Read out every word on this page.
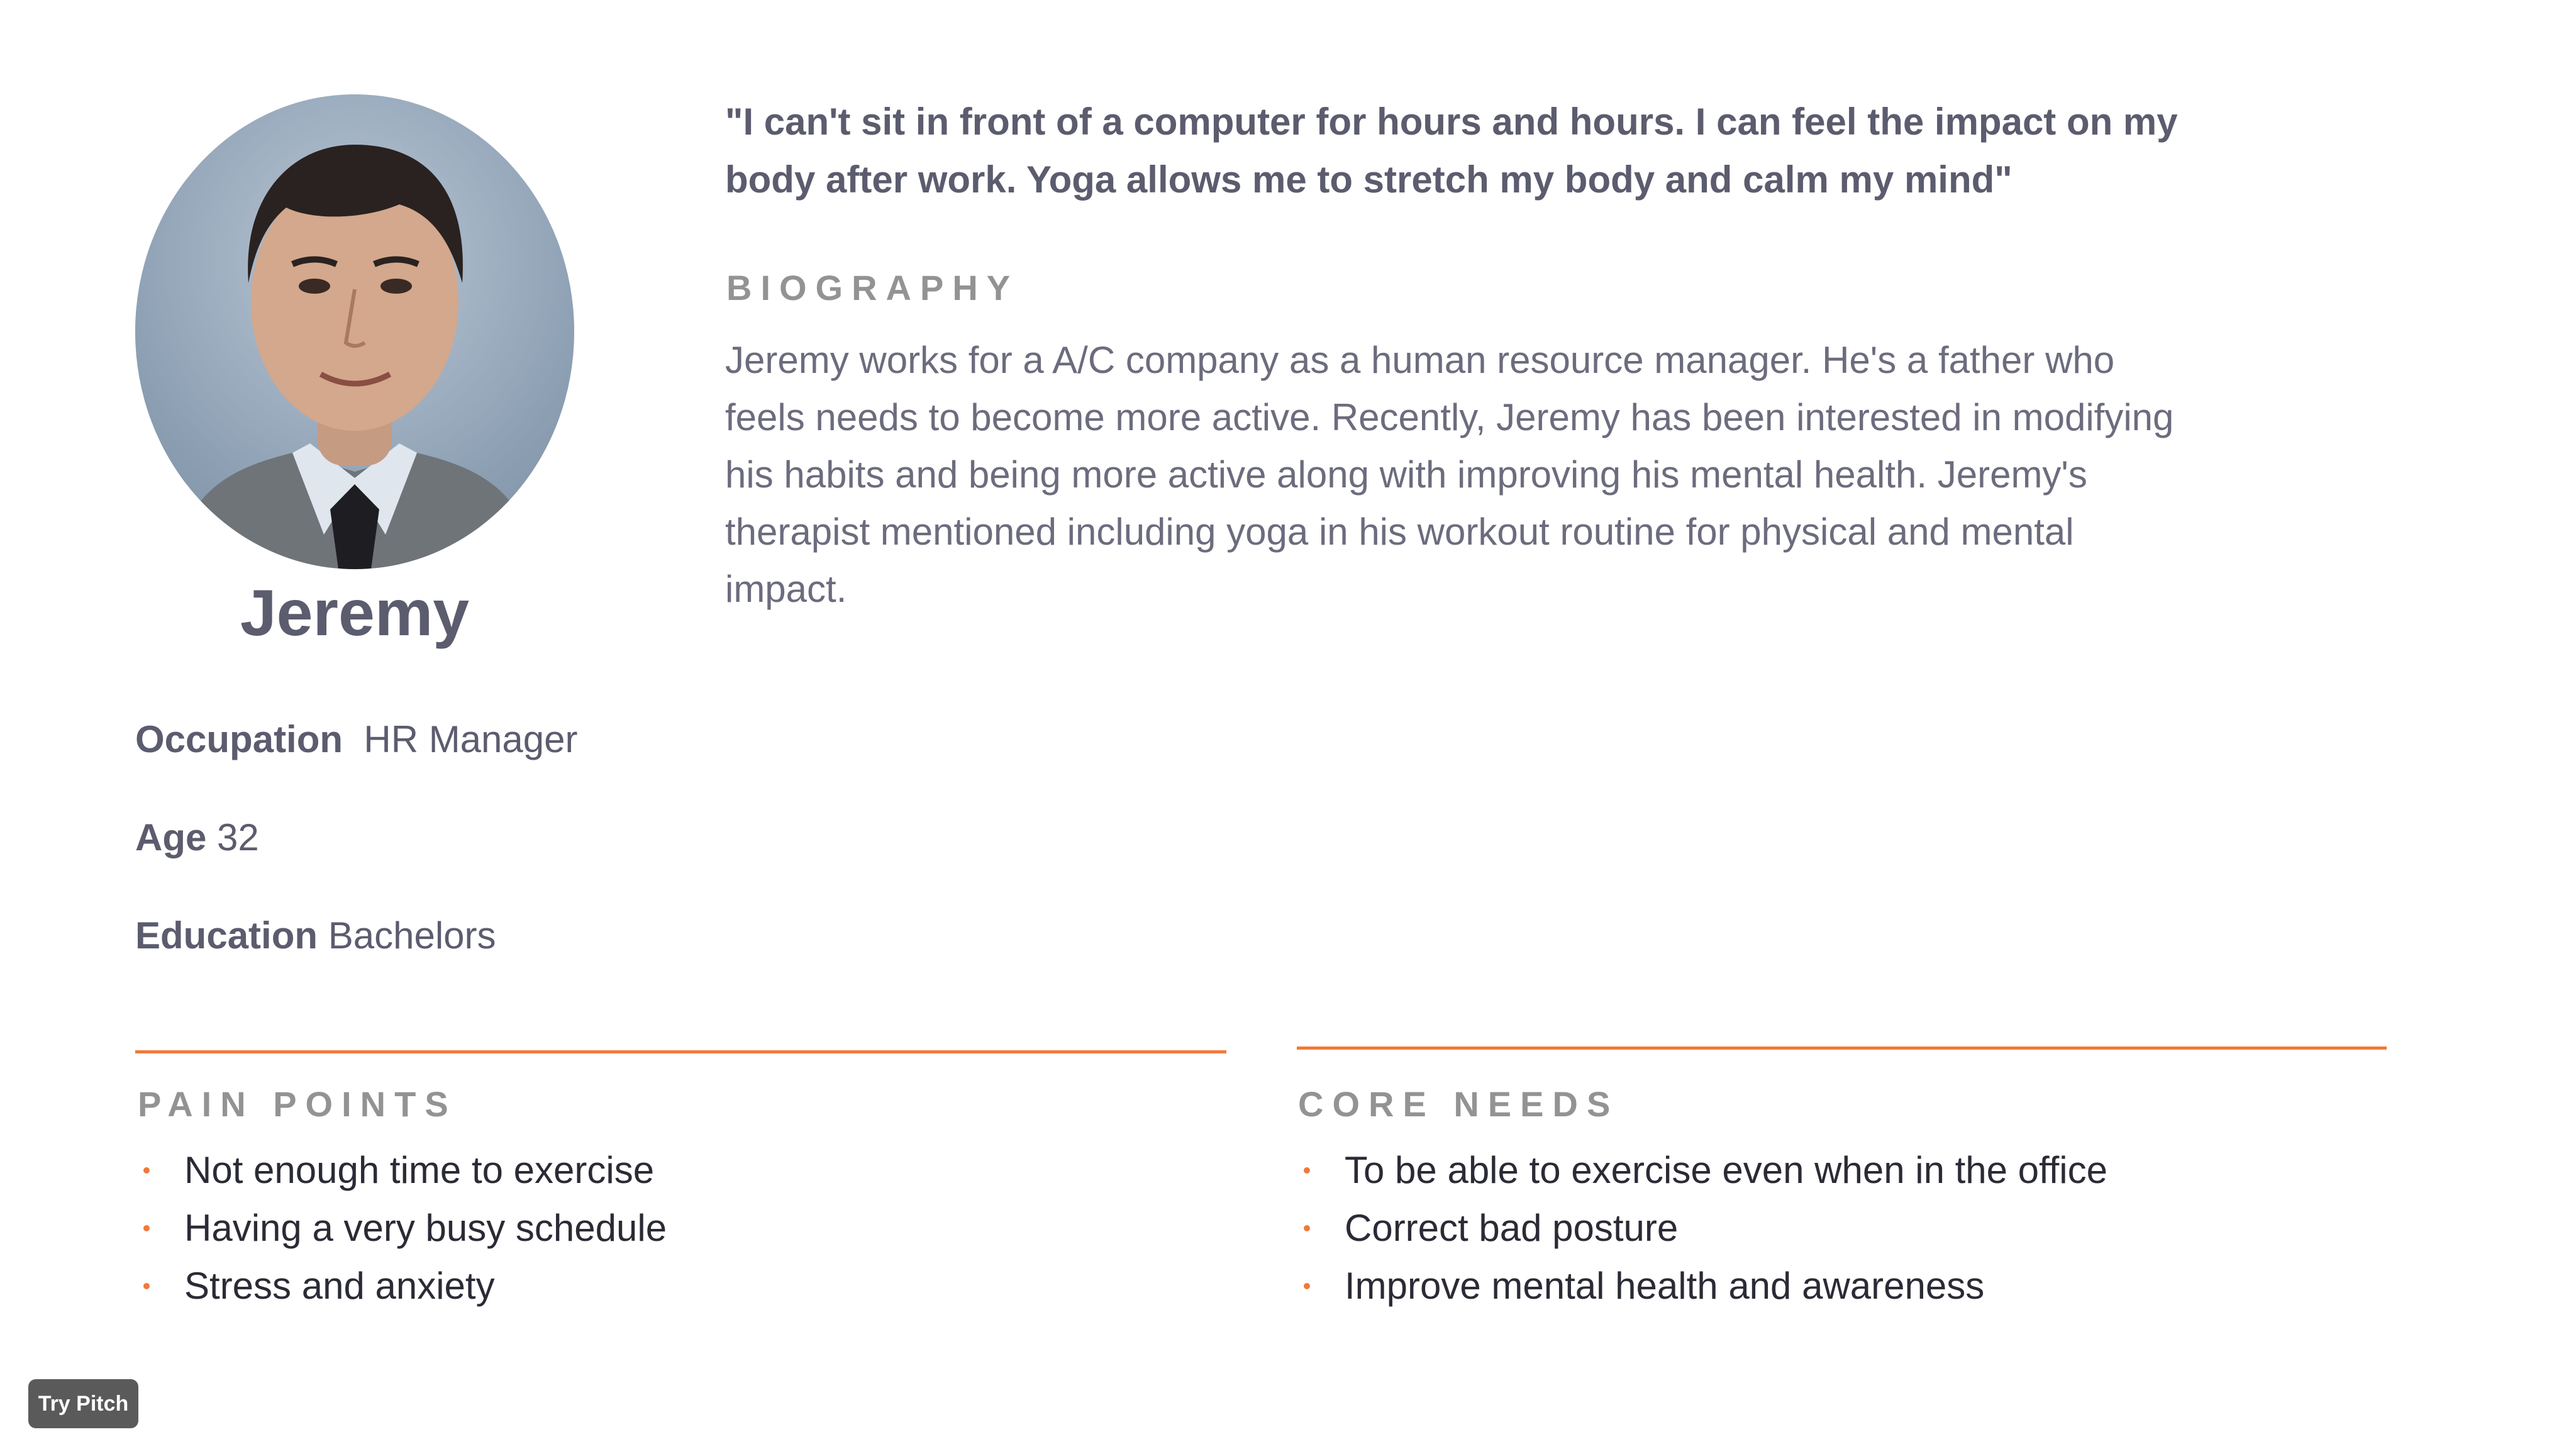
Jeremy
Occupation HR Manager
Age 32
Education Bachelors
"I can't sit in front of a computer for hours and hours. I can feel the impact on my body after work. Yoga allows me to stretch my body and calm my mind"
BIOGRAPHY
Jeremy works for a A/C company as a human resource manager. He's a father who feels needs to become more active. Recently, Jeremy has been interested in modifying his habits and being more active along with improving his mental health. Jeremy's therapist mentioned including yoga in his workout routine for physical and mental impact.
PAIN POINTS
Not enough time to exercise
Having a very busy schedule
Stress and anxiety
CORE NEEDS
To be able to exercise even when in the office
Correct bad posture
Improve mental health and awareness
Try Pitch
